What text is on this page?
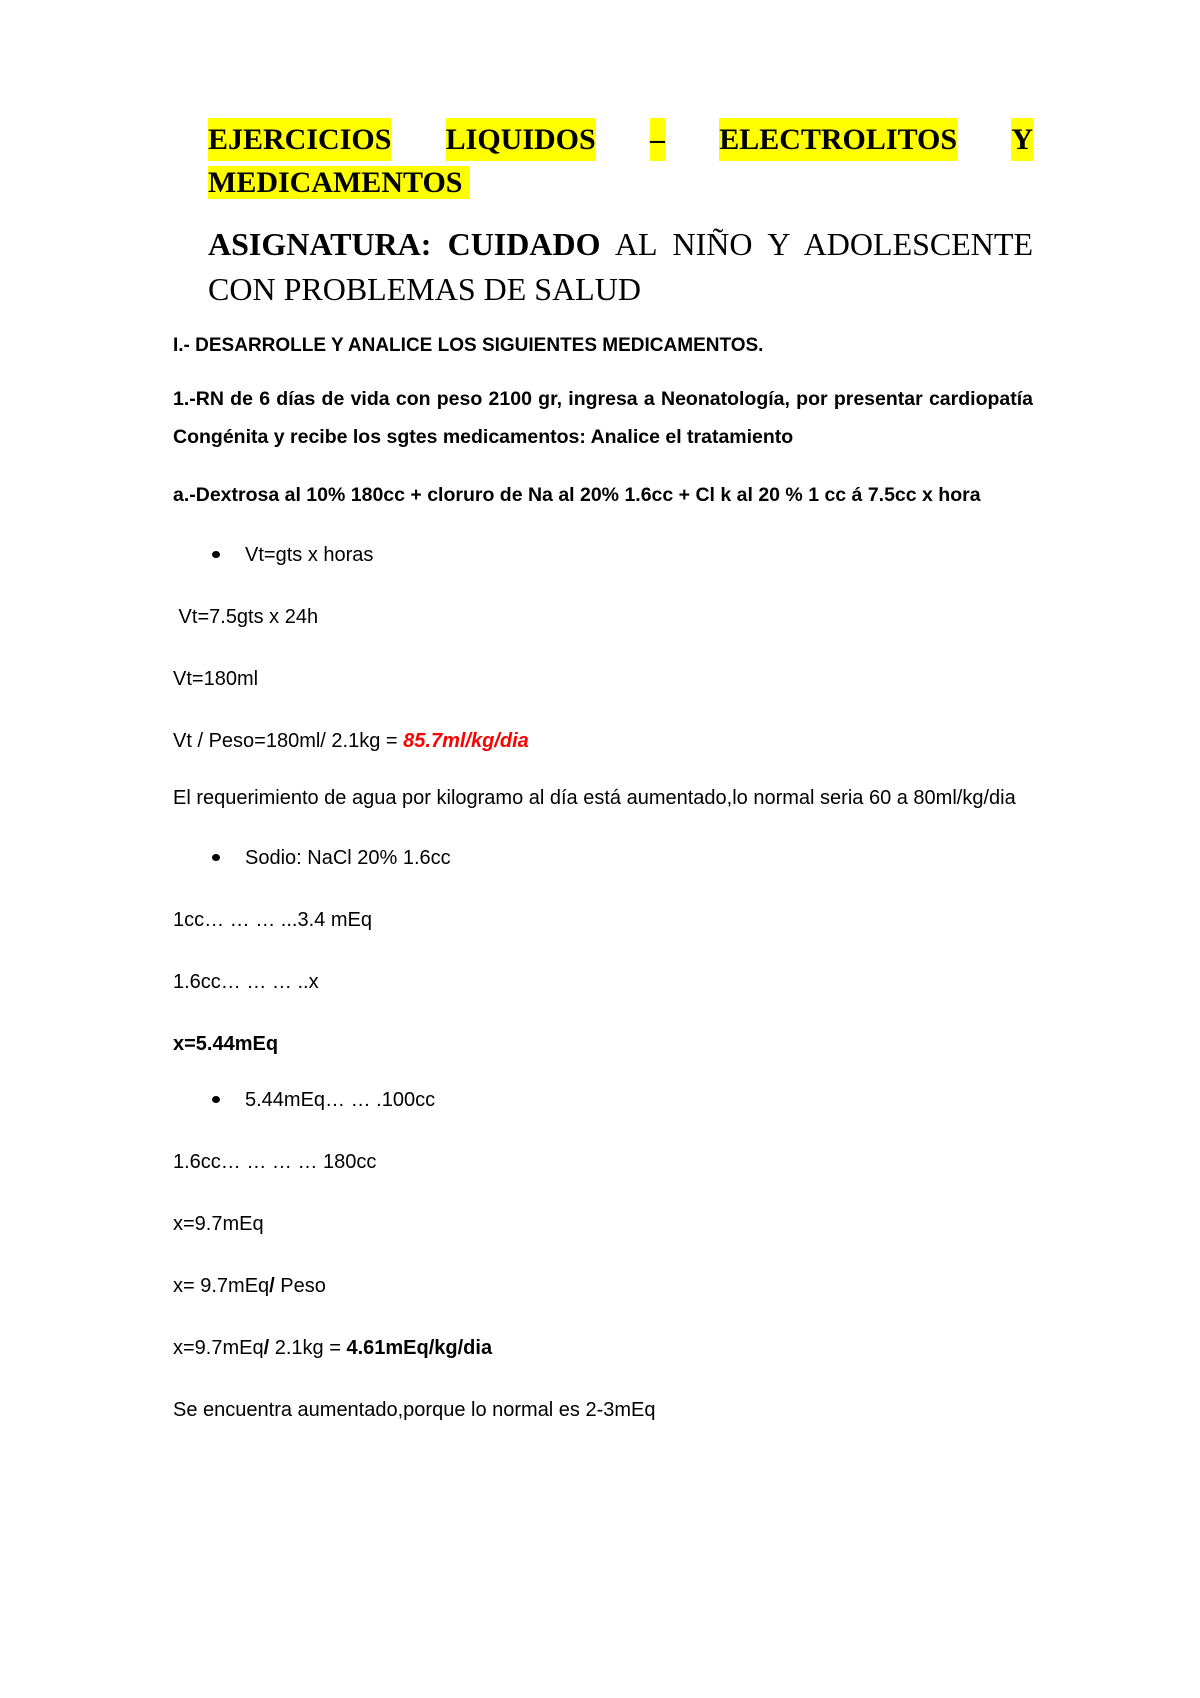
EJERCICIOS LIQUIDOS – ELECTROLITOS Y
MEDICAMENTOS
ASIGNATURA: CUIDADO AL NIÑO Y ADOLESCENTE CON PROBLEMAS DE SALUD
I.- DESARROLLE Y ANALICE LOS SIGUIENTES MEDICAMENTOS.
1.-RN de 6 días de vida con peso 2100 gr, ingresa a Neonatología, por presentar cardiopatía Congénita y recibe los sgtes medicamentos: Analice el tratamiento
a.-Dextrosa al 10% 180cc + cloruro de Na al 20% 1.6cc + Cl k al 20 % 1 cc á 7.5cc x hora
Vt=gts x horas
Vt=7.5gts x 24h
Vt=180ml
Vt / Peso=180ml/ 2.1kg = 85.7ml/kg/dia
El requerimiento de agua por kilogramo al día está aumentado,lo normal seria 60 a 80ml/kg/dia
Sodio: NaCl 20% 1.6cc
1cc… … … ...3.4 mEq
1.6cc… … … ..x
x=5.44mEq
5.44mEq… … .100cc
1.6cc… … … … 180cc
x=9.7mEq
x= 9.7mEq/ Peso
x=9.7mEq/ 2.1kg = 4.61mEq/kg/dia
Se encuentra aumentado,porque lo normal es 2-3mEq
